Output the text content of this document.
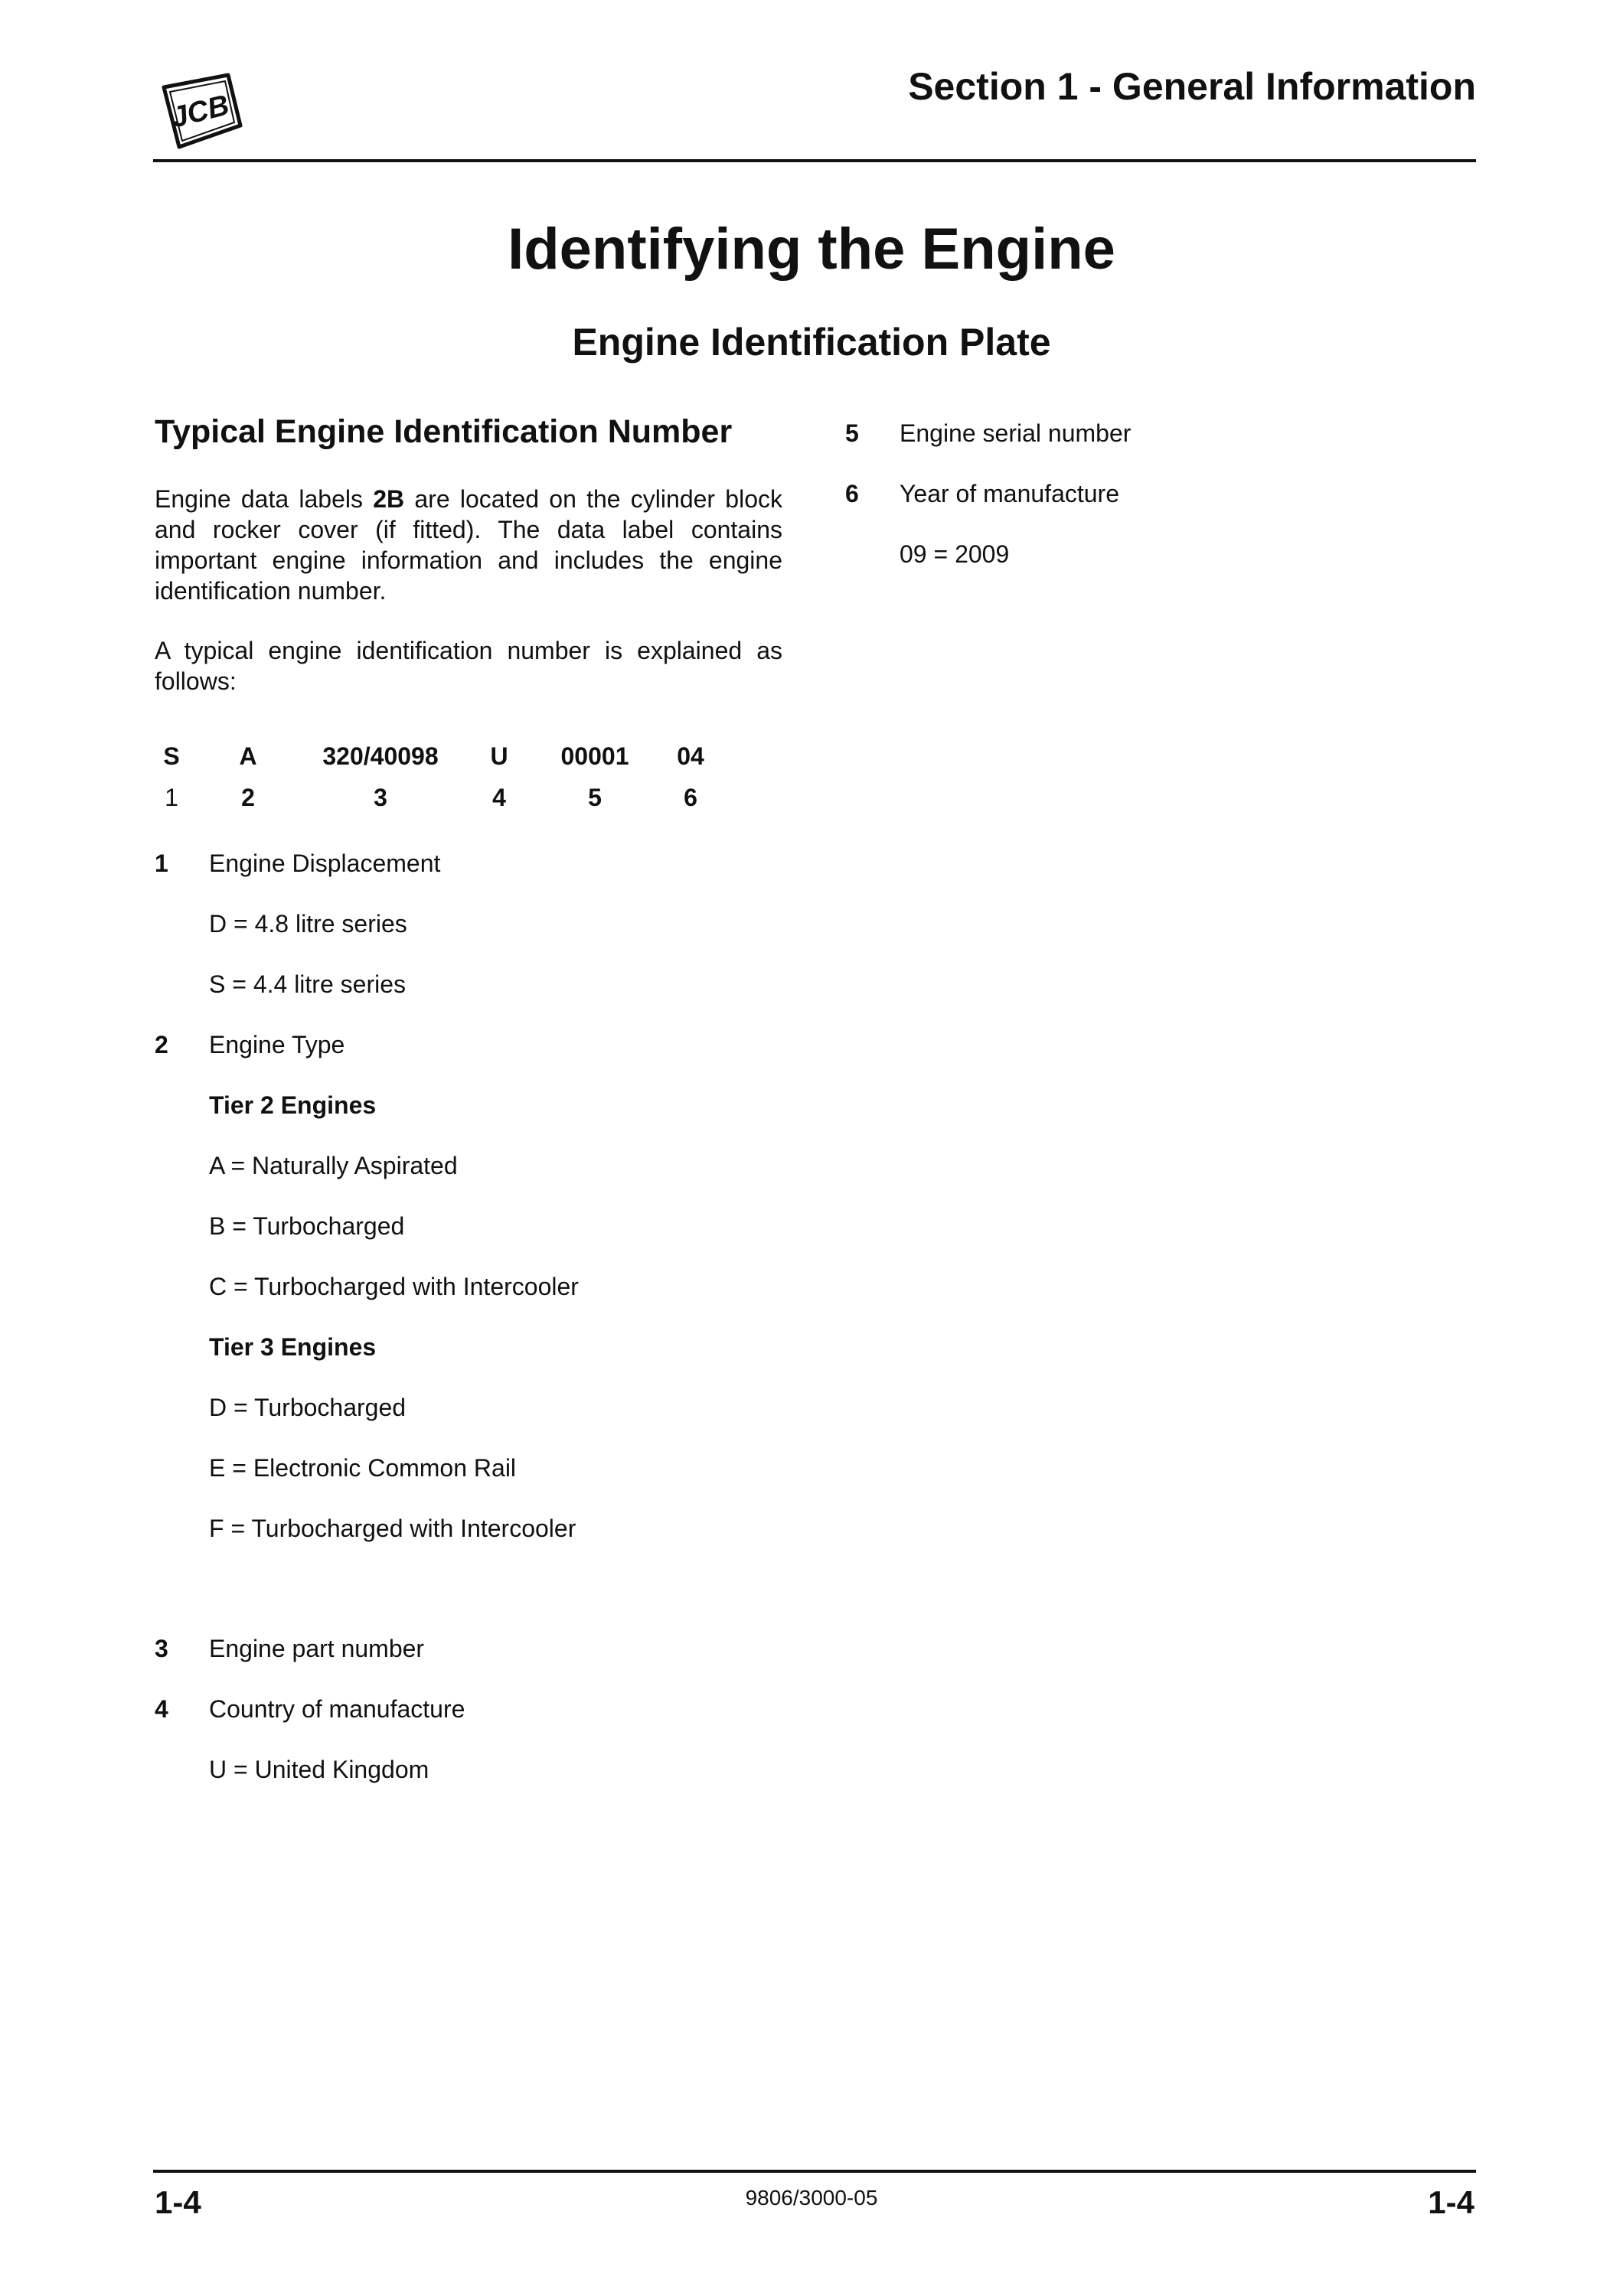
JCB
Section 1 - General Information
Identifying the Engine
Engine Identification Plate
Typical Engine Identification Number
Engine data labels 2B are located on the cylinder block and rocker cover (if fitted). The data label contains important engine information and includes the engine identification number.
A typical engine identification number is explained as follows:
S	A	320/40098	U	00001	04
1	2	3	4	5	6
1 Engine Displacement
D = 4.8 litre series
S = 4.4 litre series
2 Engine Type
Tier 2 Engines
A = Naturally Aspirated
B = Turbocharged
C = Turbocharged with Intercooler
Tier 3 Engines
D = Turbocharged
E = Electronic Common Rail
F = Turbocharged with Intercooler
3 Engine part number
4 Country of manufacture
U = United Kingdom
5 Engine serial number
6 Year of manufacture
09 = 2009
1-4	9806/3000-05	1-4
